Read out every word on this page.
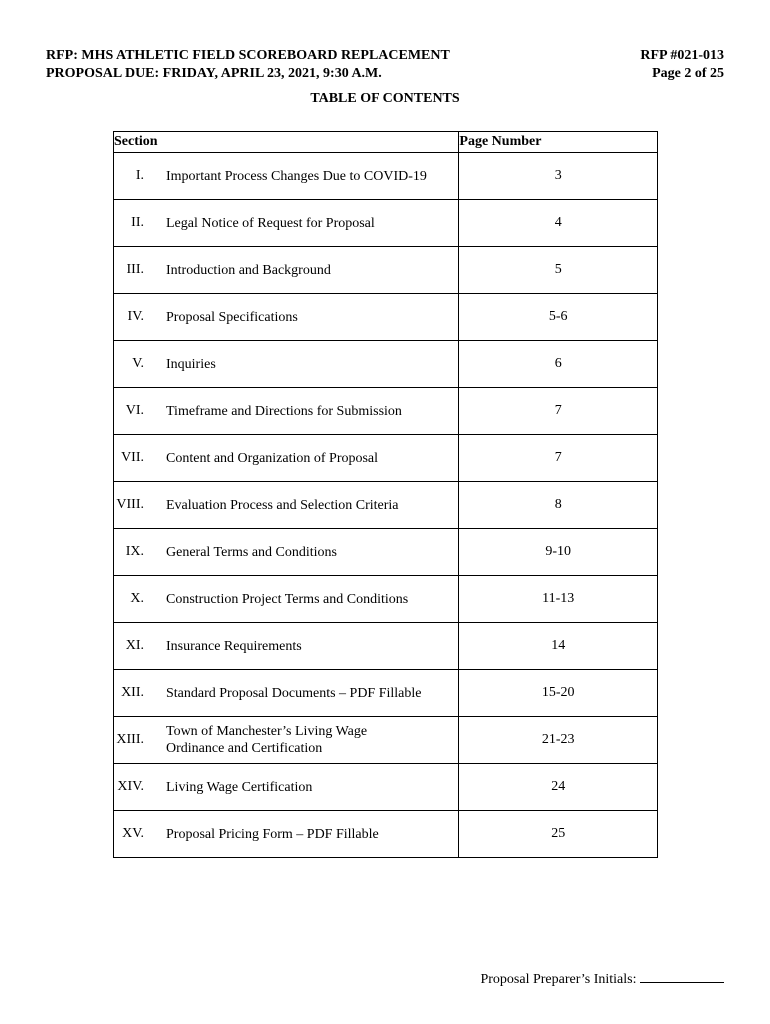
RFP: MHS ATHLETIC FIELD SCOREBOARD REPLACEMENT
PROPOSAL DUE: FRIDAY, APRIL 23, 2021, 9:30 A.M.
RFP #021-013
Page 2 of 25
TABLE OF CONTENTS
Section	Page Number

I. Important Process Changes Due to COVID-19	3

II. Legal Notice of Request for Proposal	4

III. Introduction and Background	5

IV. Proposal Specifications	5-6

V. Inquiries	6

VI. Timeframe and Directions for Submission	7

VII. Content and Organization of Proposal	7

VIII. Evaluation Process and Selection Criteria	8

IX. General Terms and Conditions	9-10

X. Construction Project Terms and Conditions	11-13

XI. Insurance Requirements	14

XII. Standard Proposal Documents – PDF Fillable	15-20

XIII.
Town of Manchester’s Living Wage
Ordinance and Certification	21-23

XIV. Living Wage Certification	24

XV. Proposal Pricing Form – PDF Fillable	25
Proposal Preparer’s Initials:
